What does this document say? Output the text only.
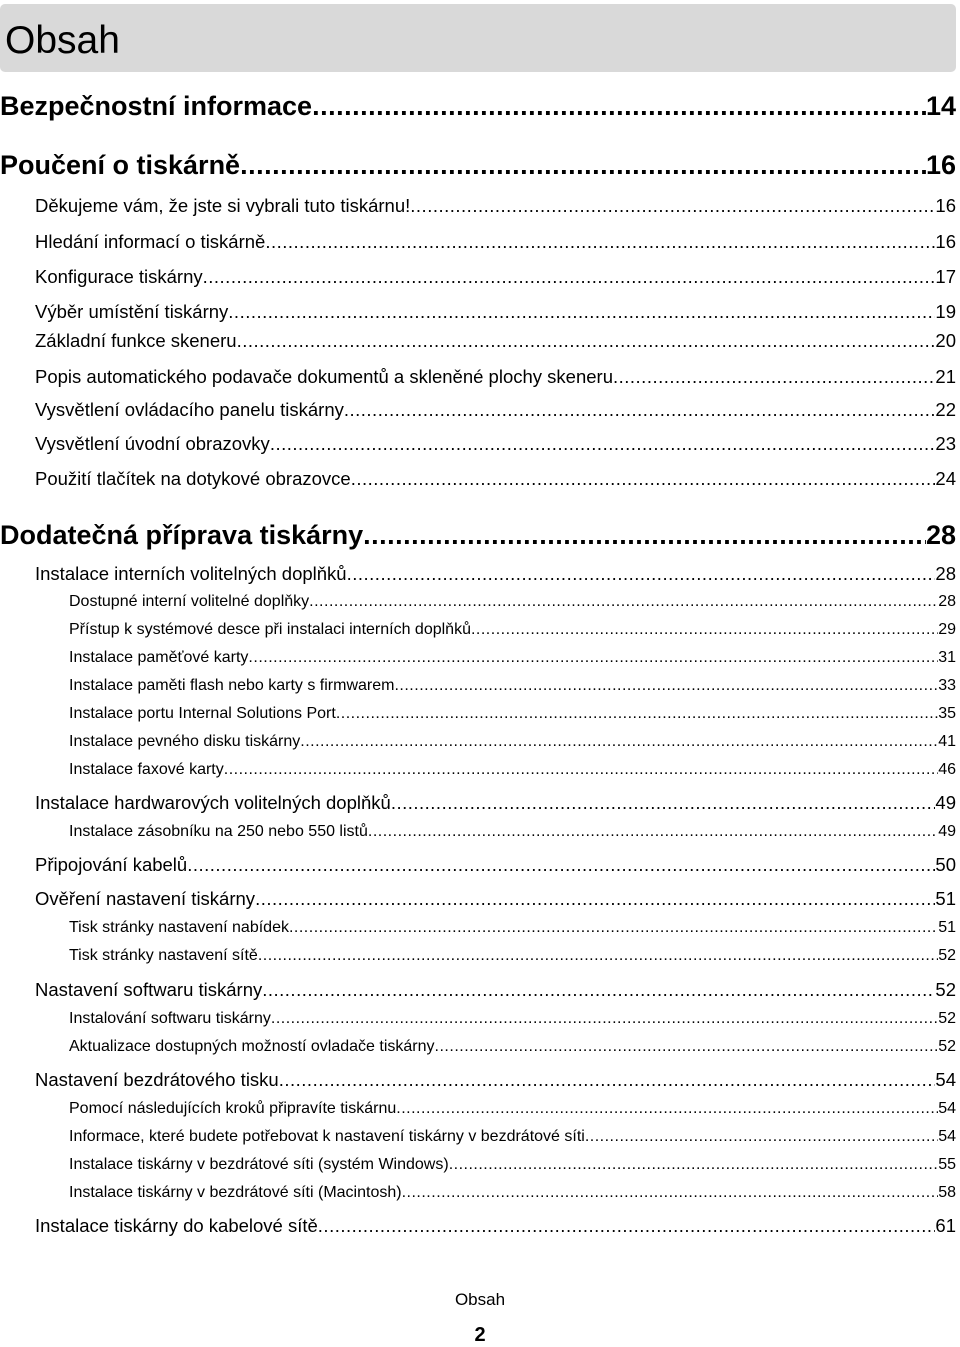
Obsah
Bezpečnostní informace .....	14
Poučení o tiskárně .....	16
Děkujeme vám, že jste si vybrali tuto tiskárnu! .....	16
Hledání informací o tiskárně .....	16
Konfigurace tiskárny .....	17
Výběr umístění tiskárny .....	19
Základní funkce skeneru .....	20
Popis automatického podavače dokumentů a skleněné plochy skeneru .....	21
Vysvětlení ovládacího panelu tiskárny .....	22
Vysvětlení úvodní obrazovky .....	23
Použití tlačítek na dotykové obrazovce .....	24
Dodatečná příprava tiskárny .....	28
Instalace interních volitelných doplňků .....	28
Dostupné interní volitelné doplňky .....	28
Přístup k systémové desce při instalaci interních doplňků .....	29
Instalace paměťové karty .....	31
Instalace paměti flash nebo karty s firmwarem .....	33
Instalace portu Internal Solutions Port .....	35
Instalace pevného disku tiskárny .....	41
Instalace faxové karty .....	46
Instalace hardwarových volitelných doplňků .....	49
Instalace zásobníku na 250 nebo 550 listů .....	49
Připojování kabelů .....	50
Ověření nastavení tiskárny .....	51
Tisk stránky nastavení nabídek .....	51
Tisk stránky nastavení sítě .....	52
Nastavení softwaru tiskárny .....	52
Instalování softwaru tiskárny .....	52
Aktualizace dostupných možností ovladače tiskárny .....	52
Nastavení bezdrátového tisku .....	54
Pomocí následujících kroků připravíte tiskárnu .....	54
Informace, které budete potřebovat k nastavení tiskárny v bezdrátové síti .....	54
Instalace tiskárny v bezdrátové síti (systém Windows) .....	55
Instalace tiskárny v bezdrátové síti (Macintosh) .....	58
Instalace tiskárny do kabelové sítě .....	61
Obsah
2
